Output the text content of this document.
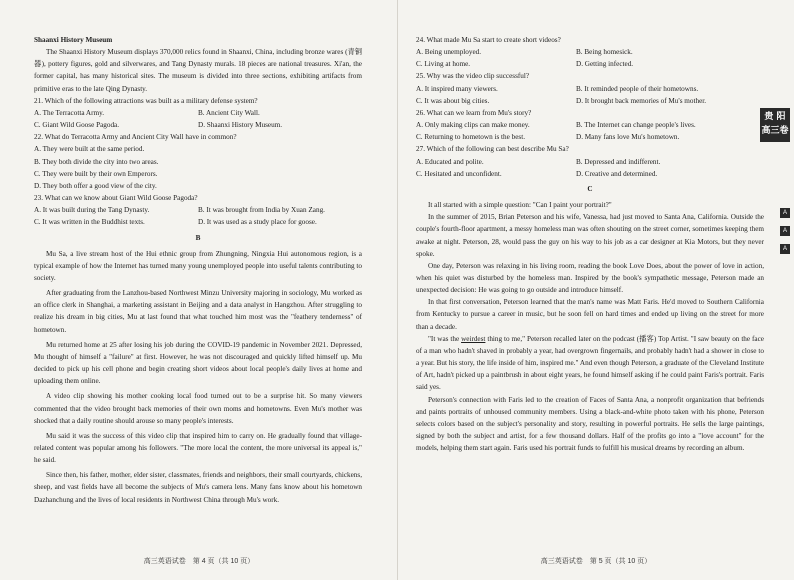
Shaanxi History Museum
The Shaanxi History Museum displays 370,000 relics found in Shaanxi, China, including bronze wares (青铜器), pottery figures, gold and silverwares, and Tang Dynasty murals. 18 pieces are national treasures. Xi'an, the former capital, has many historical sites. The museum is divided into three sections, exhibiting artifacts from primitive eras to the late Qing Dynasty.
21. Which of the following attractions was built as a military defense system?
A. The Terracotta Army.	B. Ancient City Wall.
C. Giant Wild Goose Pagoda.	D. Shaanxi History Museum.
22. What do Terracotta Army and Ancient City Wall have in common?
A. They were built at the same period.
B. They both divide the city into two areas.
C. They were built by their own Emperors.
D. They both offer a good view of the city.
23. What can we know about Giant Wild Goose Pagoda?
A. It was built during the Tang Dynasty.	B. It was brought from India by Xuan Zang.
C. It was written in the Buddhist texts.	D. It was used as a study place for goose.
B
Mu Sa, a live stream host of the Hui ethnic group from Zhungning, Ningxia Hui autonomous region, is a typical example of how the Internet has turned many young unemployed people into useful talents contributing to society.
After graduating from the Lanzhou-based Northwest Minzu University majoring in sociology, Mu worked as an office clerk in Shanghai, a marketing assistant in Beijing and a data analyst in Hangzhou. After struggling to realize his dream in big cities, Mu at last found that what touched him most was the "feathery tenderness" of hometown.
Mu returned home at 25 after losing his job during the COVID-19 pandemic in November 2021. Depressed, Mu thought of himself a "failure" at first. However, he was not discouraged and quickly lifted himself up. Mu decided to pick up his cell phone and begin creating short videos about local people's daily lives at home and uploading them online.
A video clip showing his mother cooking local food turned out to be a surprise hit. So many viewers commented that the video brought back memories of their own moms and hometowns. Even Mu's mother was shocked that a daily routine should arouse so many people's interests.
Mu said it was the success of this video clip that inspired him to carry on. He gradually found that village-related content was popular among his followers. "The more local the content, the more universal its appeal is," he said.
Since then, his father, mother, elder sister, classmates, friends and neighbors, their small courtyards, chickens, sheep, and vast fields have all become the subjects of Mu's camera lens. Many fans know about his hometown Dazhanchung and the lives of local residents in Northwest China through Mu's work.
高三英语试卷　第 4 页（共 10 页）
24. What made Mu Sa start to create short videos?
A. Being unemployed.	B. Being homesick.
C. Living at home.	D. Getting infected.
25. Why was the video clip successful?
A. It inspired many viewers.	B. It reminded people of their hometowns.
C. It was about big cities.	D. It brought back memories of Mu's mother.
26. What can we learn from Mu's story?
A. Only making clips can make money.	B. The Internet can change people's lives.
C. Returning to hometown is the best.	D. Many fans love Mu's hometown.
27. Which of the following can best describe Mu Sa?
A. Educated and polite.	B. Depressed and indifferent.
C. Hesitated and unconfident.	D. Creative and determined.
C
It all started with a simple question: "Can I paint your portrait?"
In the summer of 2015, Brian Peterson and his wife, Vanessa, had just moved to Santa Ana, California. Outside the couple's fourth-floor apartment, a messy homeless man was often shouting on the street corner, sometimes keeping them awake at night. Peterson, 28, would pass the guy on his way to his job as a car designer at Kia Motors, but they never spoke.
One day, Peterson was relaxing in his living room, reading the book Love Does, about the power of love in action, when his quiet was disturbed by the homeless man. Inspired by the book's sympathetic message, Peterson made an unexpected decision: He was going to go outside and introduce himself.
In that first conversation, Peterson learned that the man's name was Matt Faris. He'd moved to Southern California from Kentucky to pursue a career in music, but he soon fell on hard times and ended up living on the street for more than a decade.
"It was the weirdest thing to me," Peterson recalled later on the podcast (播客) Top Artist. "I saw beauty on the face of a man who hadn't shaved in probably a year, had overgrown fingernails, and probably hadn't had a shower in close to a year. But his story, the life inside of him, inspired me." And even though Peterson, a graduate of the Cleveland Institute of Art, hadn't picked up a paintbrush in about eight years, he found himself asking if he could paint Faris's portrait. Faris said yes.
Peterson's connection with Faris led to the creation of Faces of Santa Ana, a nonprofit organization that befriends and paints portraits of unhoused community members. Using a black-and-white photo taken with his phone, Peterson selects colors based on the subject's personality and story, resulting in powerful portraits. He sells the large paintings, signed by both the subject and artist, for a few thousand dollars. Half of the profits go into a "love account" for the models, helping them start again. Faris used his portrait funds to fulfill his musical dreams by recording an album.
高三英语试卷　第 5 页（共 10 页）
贵 阳
高三卷
A
A
A
